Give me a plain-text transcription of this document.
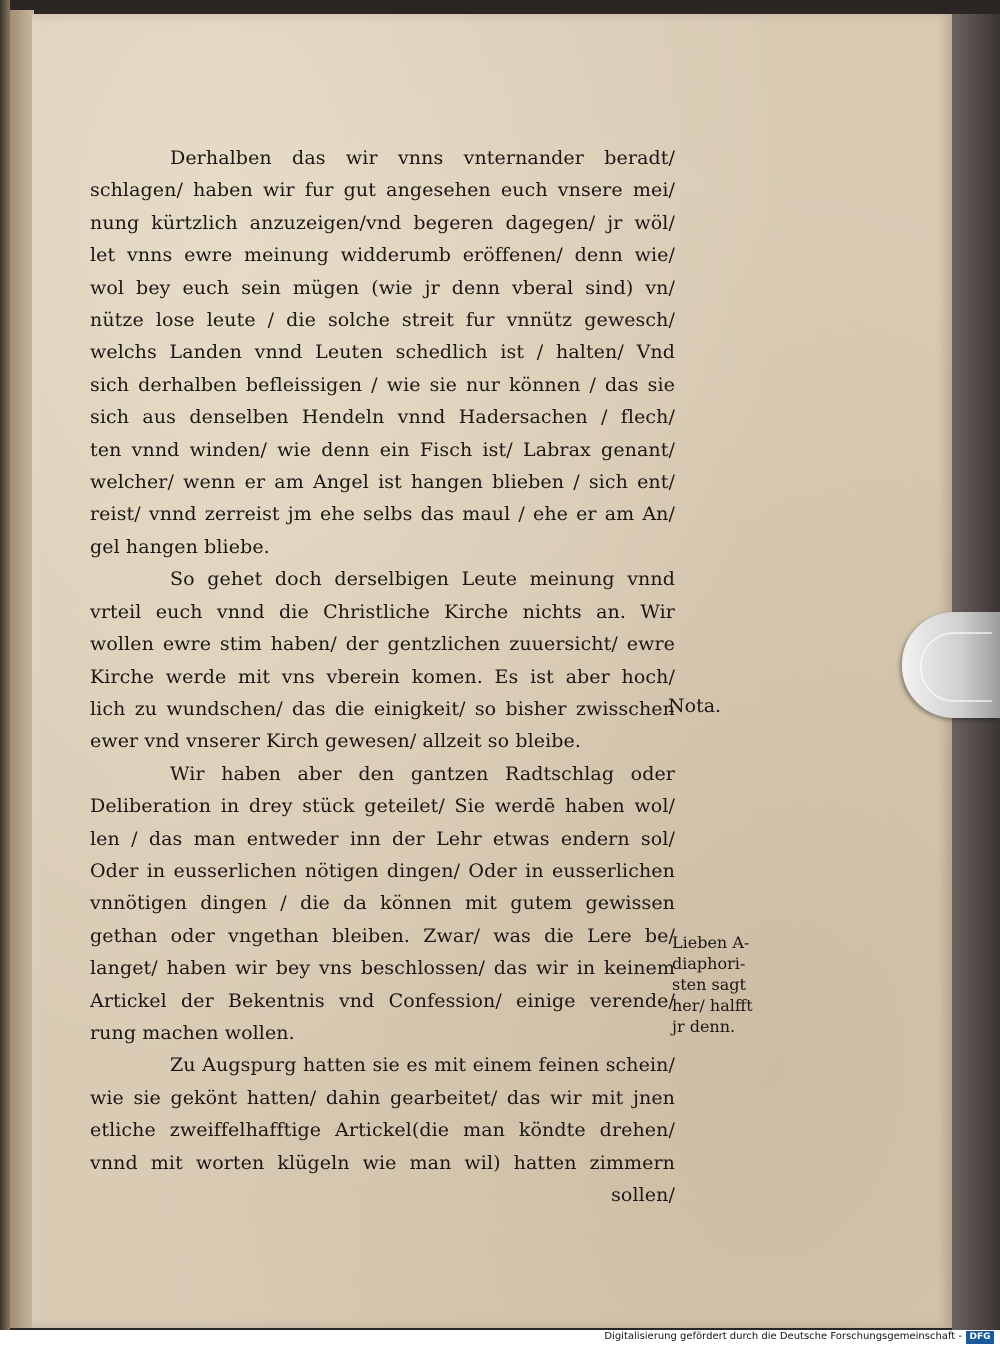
Derhalben das wir vnns vnternander beradt/
schlagen/ haben wir fur gut angesehen euch vnsere mei/
nung kürtzlich anzuzeigen/vnd begeren dagegen/ jr wöl/
let vnns ewre meinung widderumb eröffenen/ denn wie/
wol bey euch sein mügen (wie jr denn vberal sind) vn/
nütze lose leute / die solche streit fur vnnütz gewesch/
welchs Landen vnnd Leuten schedlich ist / halten/ Vnd
sich derhalben befleissigen / wie sie nur können / das sie
sich aus denselben Hendeln vnnd Hadersachen / flech/
ten vnnd winden/ wie denn ein Fisch ist/ Labrax genant/
welcher/ wenn er am Angel ist hangen blieben / sich ent/
reist/ vnnd zerreist jm ehe selbs das maul / ehe er am An/
gel hangen bliebe.
So gehet doch derselbigen Leute meinung vnnd
vrteil euch vnnd die Christliche Kirche nichts an. Wir
wollen ewre stim haben/ der gentzlichen zuuersicht/ ewre
Kirche werde mit vns vberein komen. Es ist aber hoch/
lich zu wundschen/ das die einigkeit/ so bisher zwisschen
ewer vnd vnserer Kirch gewesen/ allzeit so bleibe.
Wir haben aber den gantzen Radtschlag oder
Deliberation in drey stück geteilet/ Sie werdē haben wol/
len / das man entweder inn der Lehr etwas endern sol/
Oder in eusserlichen nötigen dingen/ Oder in eusserlichen
vnnötigen dingen / die da können mit gutem gewissen
gethan oder vngethan bleiben. Zwar/ was die Lere be/
langet/ haben wir bey vns beschlossen/ das wir in keinem
Artickel der Bekentnis vnd Confession/ einige verende/
rung machen wollen.
Zu Augspurg hatten sie es mit einem feinen schein/
wie sie gekönt hatten/ dahin gearbeitet/ das wir mit jnen
etliche zweiffelhafftige Artickel(die man köndte drehen/
vnnd mit worten klügeln wie man wil) hatten zimmern
sollen/
Nota.
Lieben A-
diaphori-
sten sagt
her/ halfft
jr denn.
Digitalisierung gefördert durch die Deutsche Forschungsgemeinschaft - DFG
